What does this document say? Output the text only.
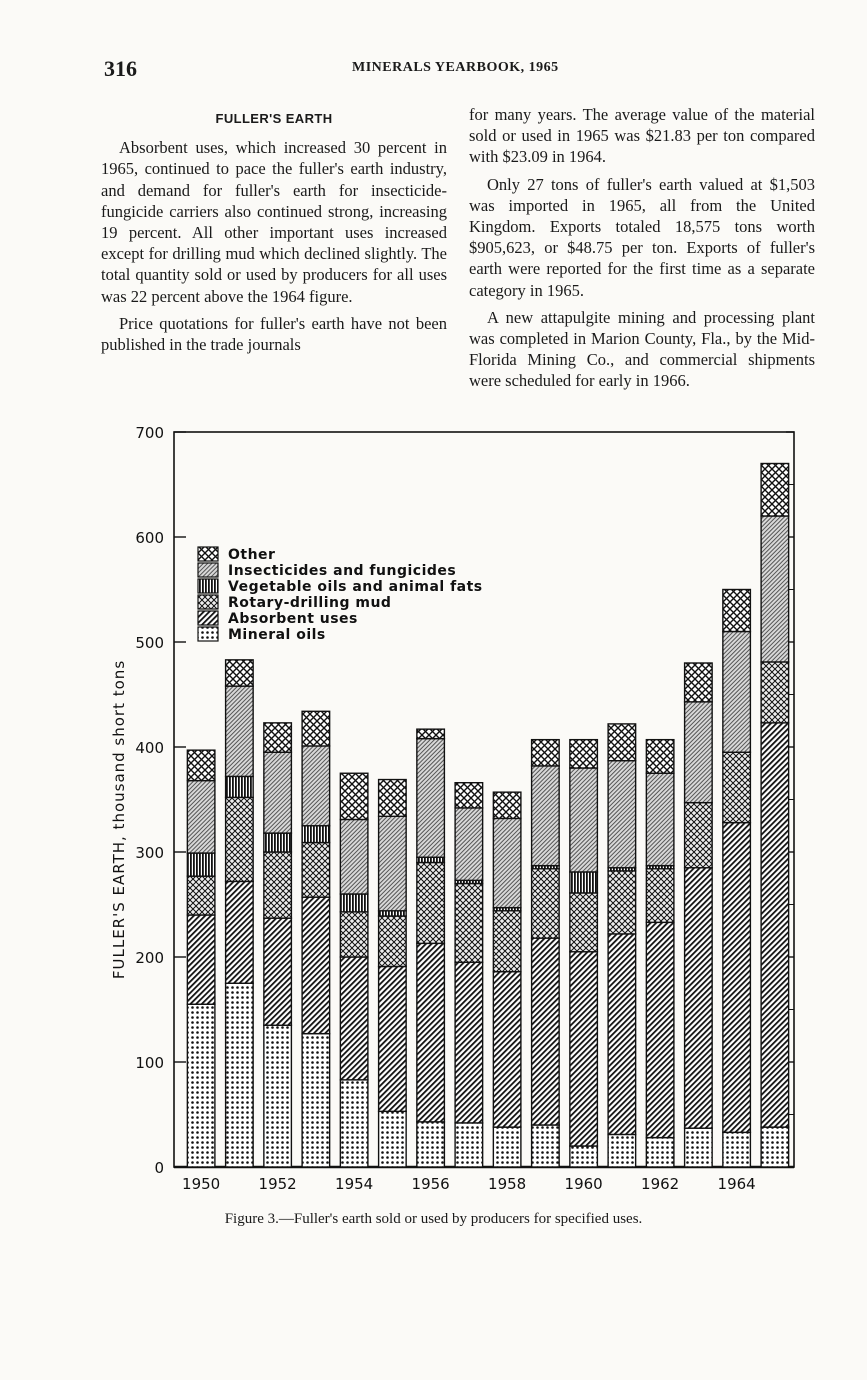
316	MINERALS YEARBOOK, 1965
FULLER'S EARTH

Absorbent uses, which increased 30 percent in 1965, continued to pace the fuller's earth industry, and demand for fuller's earth for insecticide-fungicide carriers also continued strong, increasing 19 percent. All other important uses increased except for drilling mud which declined slightly. The total quantity sold or used by producers for all uses was 22 percent above the 1964 figure.

Price quotations for fuller's earth have not been published in the trade journals

for many years. The average value of the material sold or used in 1965 was $21.83 per ton compared with $23.09 in 1964.

Only 27 tons of fuller's earth valued at $1,503 was imported in 1965, all from the United Kingdom. Exports totaled 18,575 tons worth $905,623, or $48.75 per ton. Exports of fuller's earth were reported for the first time as a separate category in 1965.

A new attapulgite mining and processing plant was completed in Marion County, Fla., by the Mid-Florida Mining Co., and commercial shipments were scheduled for early in 1966.

0
100
200
300
400
500
600
700
FULLER'S EARTH, thousand short tons
1950	1952	1954	1956	1958	1960	1962	1964
Other
Insecticides and fungicides
Vegetable oils and animal fats
Rotary-drilling mud
Absorbent uses
Mineral oils
Figure 3.—Fuller's earth sold or used by producers for specified uses.
